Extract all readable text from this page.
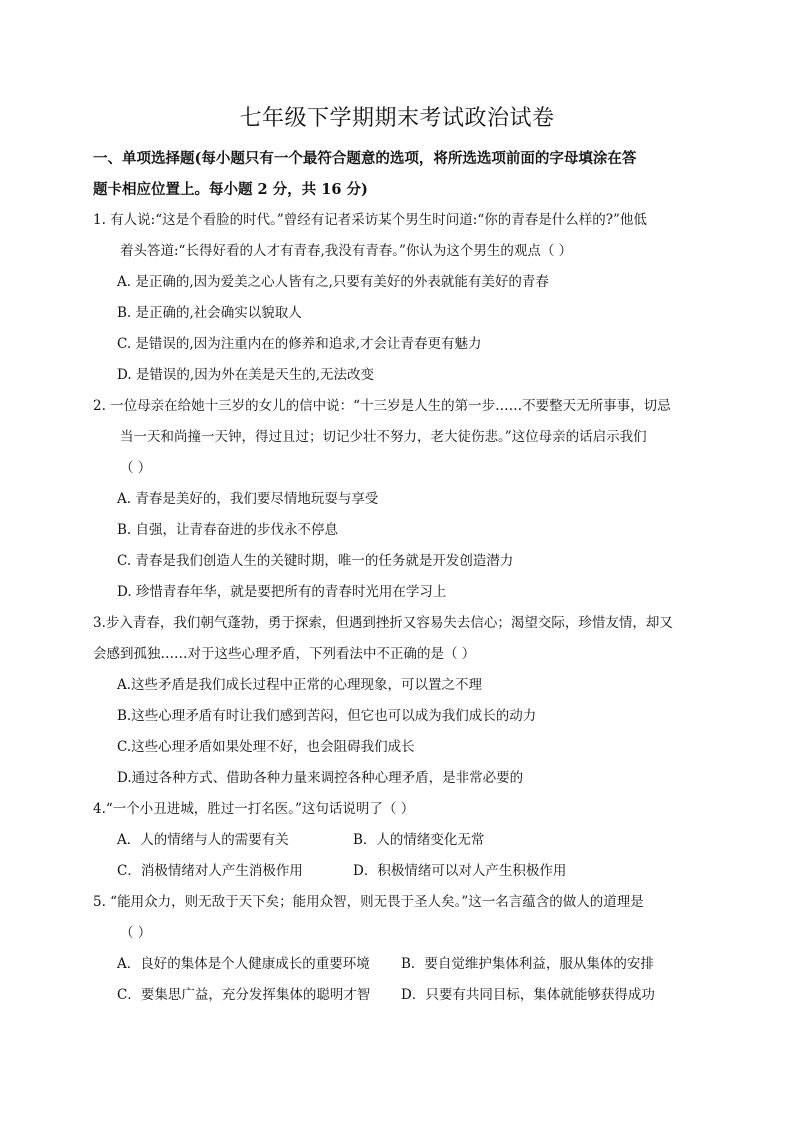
七年级下学期期末考试政治试卷
一、单项选择题(每小题只有一个最符合题意的选项，将所选选项前面的字母填涂在答
题卡相应位置上。每小题 2 分，共 16 分)
1. 有人说:“这是个看脸的时代。”曾经有记者采访某个男生时问道:“你的青春是什么样的?”他低
着头答道:“长得好看的人才有青春,我没有青春。”你认为这个男生的观点（ ）
A. 是正确的,因为爱美之心人皆有之,只要有美好的外表就能有美好的青春
B. 是正确的,社会确实以貌取人
C. 是错误的,因为注重内在的修养和追求,才会让青春更有魅力
D. 是错误的,因为外在美是天生的,无法改变
2. 一位母亲在给她十三岁的女儿的信中说：“十三岁是人生的第一步……不要整天无所事事，切忌
当一天和尚撞一天钟，得过且过；切记少壮不努力，老大徒伤悲。”这位母亲的话启示我们
（ ）
A. 青春是美好的，我们要尽情地玩耍与享受
B. 自强，让青春奋进的步伐永不停息
C. 青春是我们创造人生的关键时期，唯一的任务就是开发创造潜力
D. 珍惜青春年华，就是要把所有的青春时光用在学习上
3.步入青春，我们朝气蓬勃，勇于探索，但遇到挫折又容易失去信心；渴望交际，珍惜友情，却又
会感到孤独……对于这些心理矛盾，下列看法中不正确的是（ ）
A.这些矛盾是我们成长过程中正常的心理现象，可以置之不理
B.这些心理矛盾有时让我们感到苦闷，但它也可以成为我们成长的动力
C.这些心理矛盾如果处理不好，也会阻碍我们成长
D.通过各种方式、借助各种力量来调控各种心理矛盾，是非常必要的
4.“一个小丑进城，胜过一打名医。”这句话说明了（ ）
A．人的情绪与人的需要有关	B．人的情绪变化无常
C．消极情绪对人产生消极作用	D．积极情绪可以对人产生积极作用
5. “能用众力，则无敌于天下矣；能用众智，则无畏于圣人矣。”这一名言蕴含的做人的道理是
（ ）
A．良好的集体是个人健康成长的重要环境	B．要自觉维护集体利益，服从集体的安排
C．要集思广益，充分发挥集体的聪明才智	D．只要有共同目标，集体就能够获得成功
